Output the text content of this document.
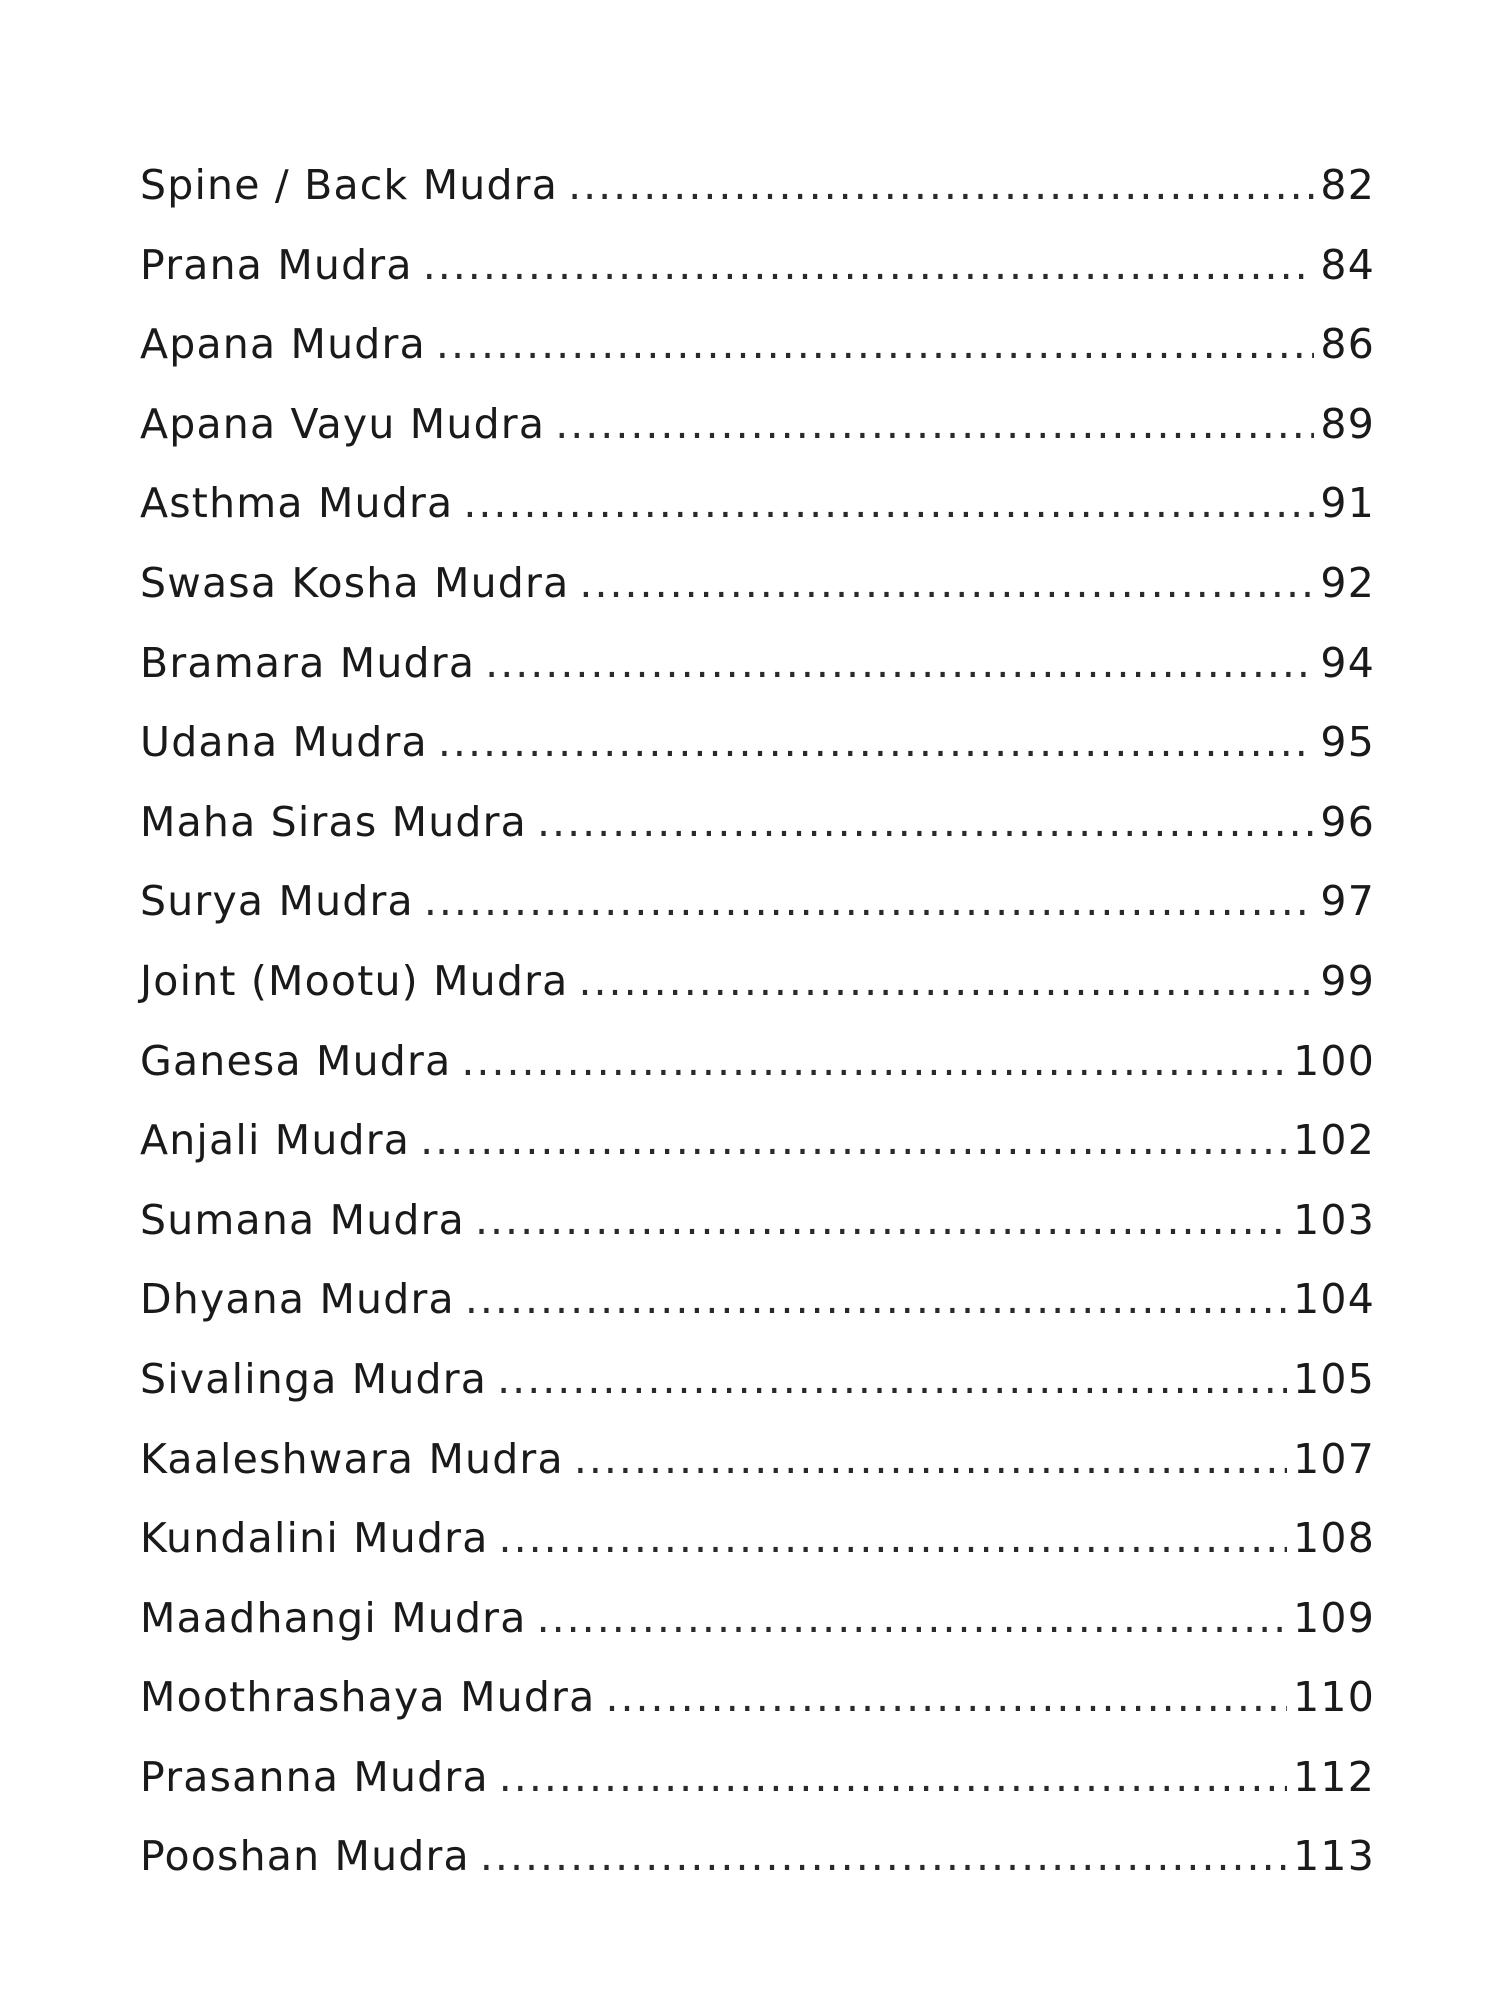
Spine / Back Mudra .....	82
Prana Mudra .....	84
Apana Mudra .....	86
Apana Vayu Mudra .....	89
Asthma Mudra .....	91
Swasa Kosha Mudra .....	92
Bramara Mudra .....	94
Udana Mudra .....	95
Maha Siras Mudra .....	96
Surya Mudra .....	97
Joint (Mootu) Mudra .....	99
Ganesa Mudra .....	100
Anjali Mudra .....	102
Sumana Mudra .....	103
Dhyana Mudra .....	104
Sivalinga Mudra .....	105
Kaaleshwara Mudra .....	107
Kundalini Mudra .....	108
Maadhangi Mudra .....	109
Moothrashaya Mudra .....	110
Prasanna Mudra .....	112
Pooshan Mudra .....	113
